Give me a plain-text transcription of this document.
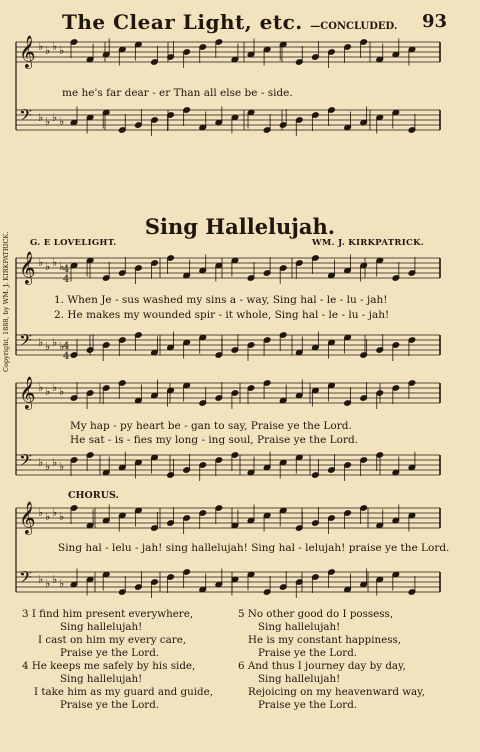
The Clear Light, etc. —CONCLUDED. 93
𝄞 ♭ ♭ ♭ ♭
𝄢 ♭ ♭ ♭ ♭
𝄞 ♭ ♭ ♭ ♭
𝄢 ♭ ♭ ♭ ♭
𝄞 ♭ ♭ ♭ ♭
𝄢 ♭ ♭ ♭ ♭
𝄞 ♭ ♭ ♭ ♭
𝄢 ♭ ♭ ♭ ♭
4
4
4
4
me he's far dear - er Than all else be - side.
Sing Hallelujah.
G. E LOVELIGHT.	WM. J. KIRKPATRICK.
1. When Je - sus washed my sins a - way, Sing hal - le - lu - jah!
2. He makes my wounded spir - it whole, Sing hal - le - lu - jah!
My hap - py heart be - gan to say, Praise ye the Lord.
He sat - is - fies my long - ing soul, Praise ye the Lord.
CHORUS.
Sing hal - lelu - jah! sing hallelujah! Sing hal - lelujah! praise ye the Lord.
Copyright, 1888, by WM. J. KIRKPATRICK.
3 I find him present everywhere,
Sing hallelujah!
I cast on him my every care,
Praise ye the Lord.
4 He keeps me safely by his side,
Sing hallelujah!
I take him as my guard and guide,
Praise ye the Lord.
5 No other good do I possess,
Sing hallelujah!
He is my constant happiness,
Praise ye the Lord.
6 And thus I journey day by day,
Sing hallelujah!
Rejoicing on my heavenward way,
Praise ye the Lord.
